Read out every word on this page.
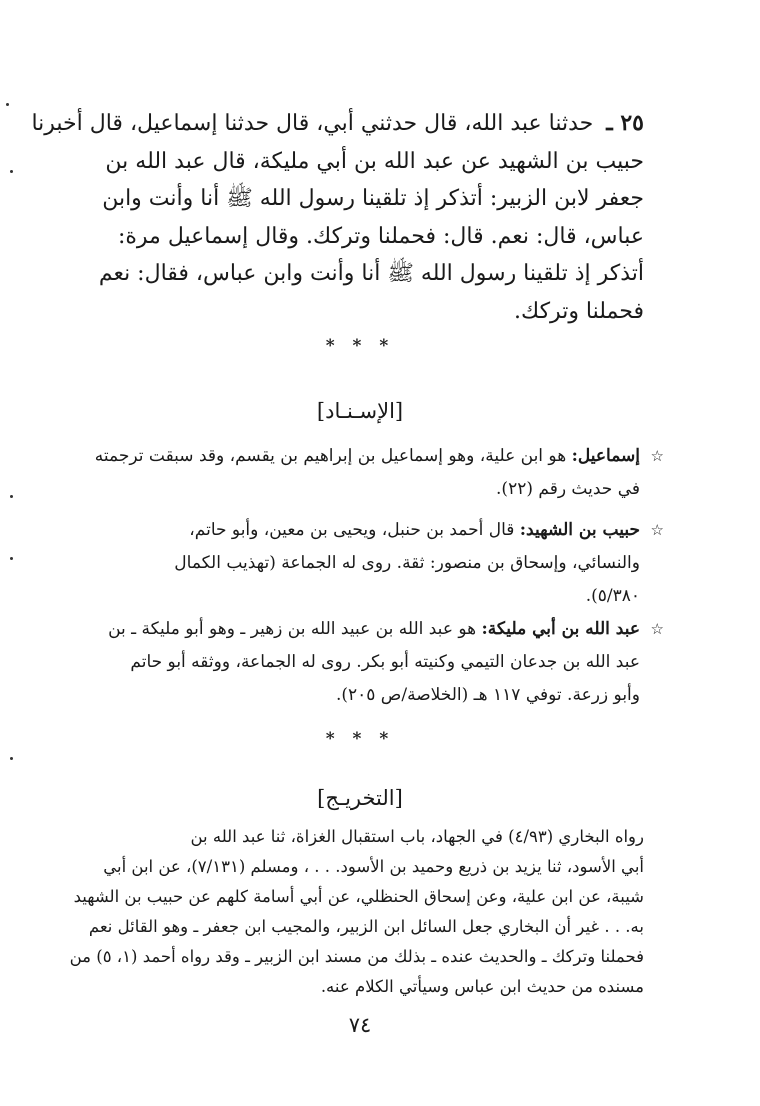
٢٥ ـ حدثنا عبد الله، قال حدثني أبي، قال حدثنا إسماعيل، قال أخبرنا
حبيب بن الشهيد عن عبد الله بن أبي مليكة، قال عبد الله بن
جعفر لابن الزبير: أتذكر إذ تلقينا رسول الله ﷺ أنا وأنت وابن
عباس، قال: نعم. قال: فحملنا وتركك. وقال إسماعيل مرة:
أتذكر إذ تلقينا رسول الله ﷺ أنا وأنت وابن عباس، فقال: نعم
فحملنا وتركك.
* * *
[الإسـنـاد]
☆
إسماعيل: هو ابن علية، وهو إسماعيل بن إبراهيم بن يقسم، وقد سبقت ترجمته
في حديث رقم (٢٢).
☆
حبيب بن الشهيد: قال أحمد بن حنبل، ويحيى بن معين، وأبو حاتم،
والنسائي، وإسحاق بن منصور: ثقة. روى له الجماعة (تهذيب الكمال
٥/٣٨٠).
☆
عبد الله بن أبي مليكة: هو عبد الله بن عبيد الله بن زهير ـ وهو أبو مليكة ـ بن
عبد الله بن جدعان التيمي وكنيته أبو بكر. روى له الجماعة، ووثقه أبو حاتم
وأبو زرعة. توفي ١١٧ هـ (الخلاصة/ص ٢٠٥).
* * *
[التخريـج]
رواه البخاري (٤/٩٣) في الجهاد، باب استقبال الغزاة، ثنا عبد الله بن
أبي الأسود، ثنا يزيد بن ذريع وحميد بن الأسود. . . ، ومسلم (٧/١٣١)، عن ابن أبي
شيبة، عن ابن علية، وعن إسحاق الحنظلي، عن أبي أسامة كلهم عن حبيب بن الشهيد
به. . . غير أن البخاري جعل السائل ابن الزبير، والمجيب ابن جعفر ـ وهو القائل نعم
فحملنا وتركك ـ والحديث عنده ـ بذلك من مسند ابن الزبير ـ وقد رواه أحمد (١، ٥) من
مسنده من حديث ابن عباس وسيأتي الكلام عنه.
٧٤
